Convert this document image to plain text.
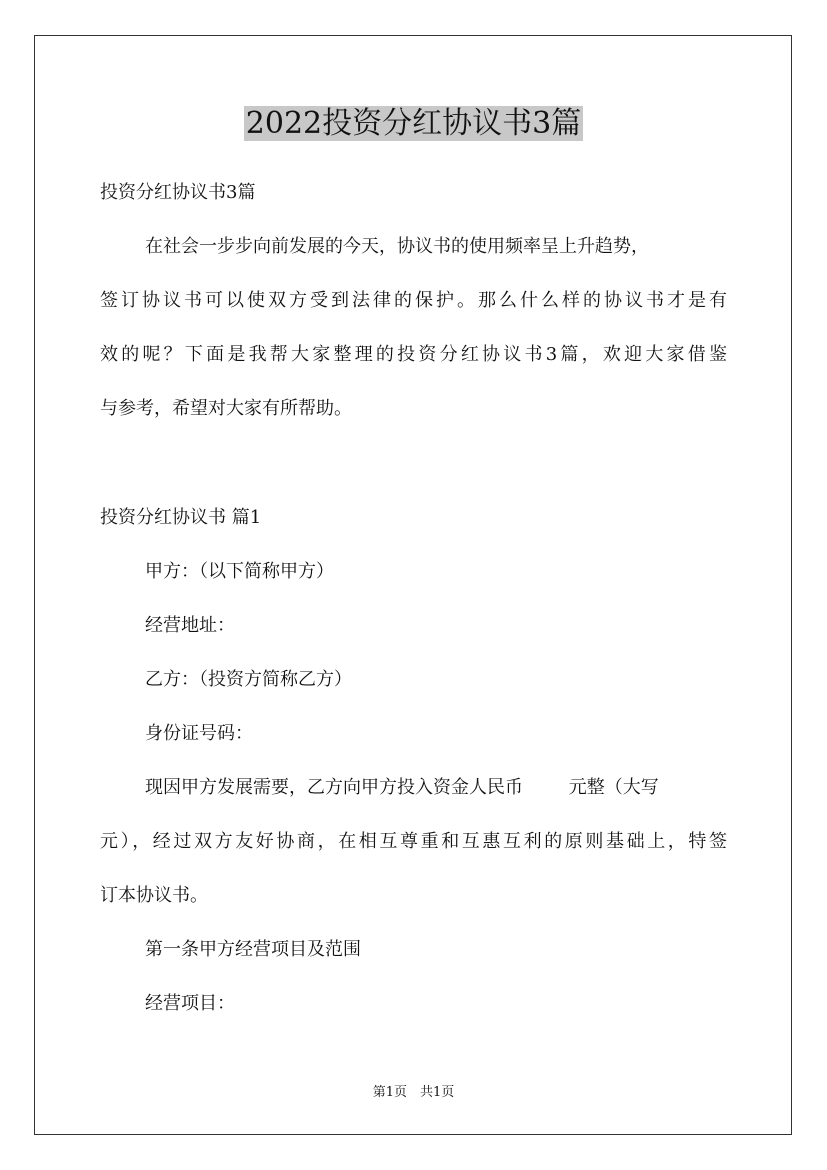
2022投资分红协议书3篇
投资分红协议书3篇
在社会一步步向前发展的今天，协议书的使用频率呈上升趋势，
签订协议书可以使双方受到法律的保护。那么什么样的协议书才是有
效的呢？下面是我帮大家整理的投资分红协议书3篇，欢迎大家借鉴
与参考，希望对大家有所帮助。
投资分红协议书 篇1
甲方：（以下简称甲方）
经营地址：
乙方：（投资方简称乙方）
身份证号码：
现因甲方发展需要，乙方向甲方投入资金人民币        元整（大写
元），经过双方友好协商，在相互尊重和互惠互利的原则基础上，特签
订本协议书。
第一条甲方经营项目及范围
经营项目：
第1页　共1页
